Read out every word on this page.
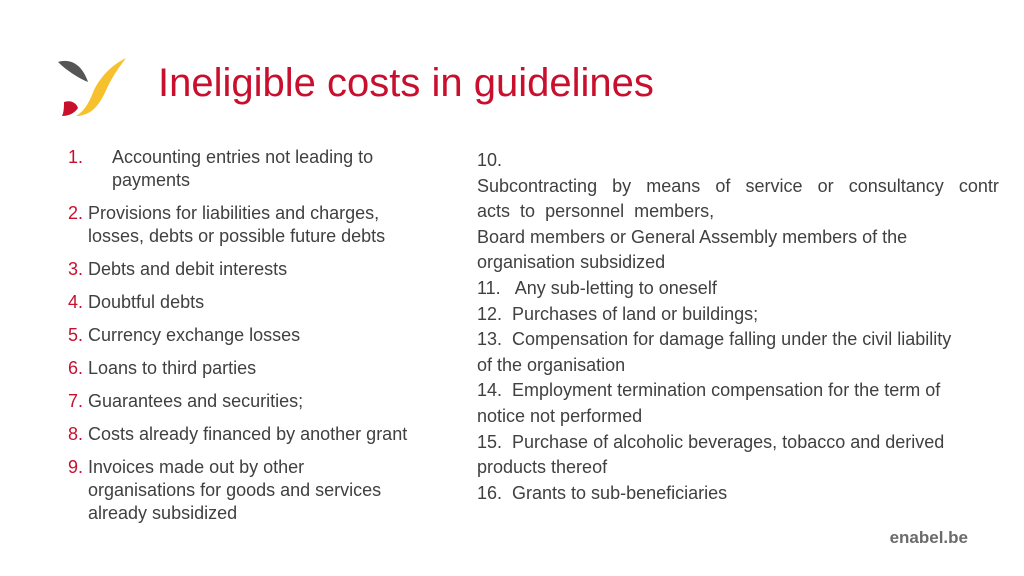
Ineligible costs in guidelines
1.	Accounting entries not leading to
payments
2. Provisions for liabilities and charges,
losses, debts or possible future debts
3. Debts and debit interests
4. Doubtful debts
5. Currency exchange losses
6. Loans to third parties
7. Guarantees and securities;
8. Costs already financed by another grant
9. Invoices made out by other
organisations for goods and services
already subsidized
10.
Subcontracting by means of service or consultancy contr
acts to personnel members,
Board members or General Assembly members of the
organisation subsidized
11.   Any sub-letting to oneself
12.  Purchases of land or buildings;
13.  Compensation for damage falling under the civil liability
of the organisation
14.  Employment termination compensation for the term of
notice not performed
15.  Purchase of alcoholic beverages, tobacco and derived
products thereof
16.  Grants to sub-beneficiaries
enabel.be
